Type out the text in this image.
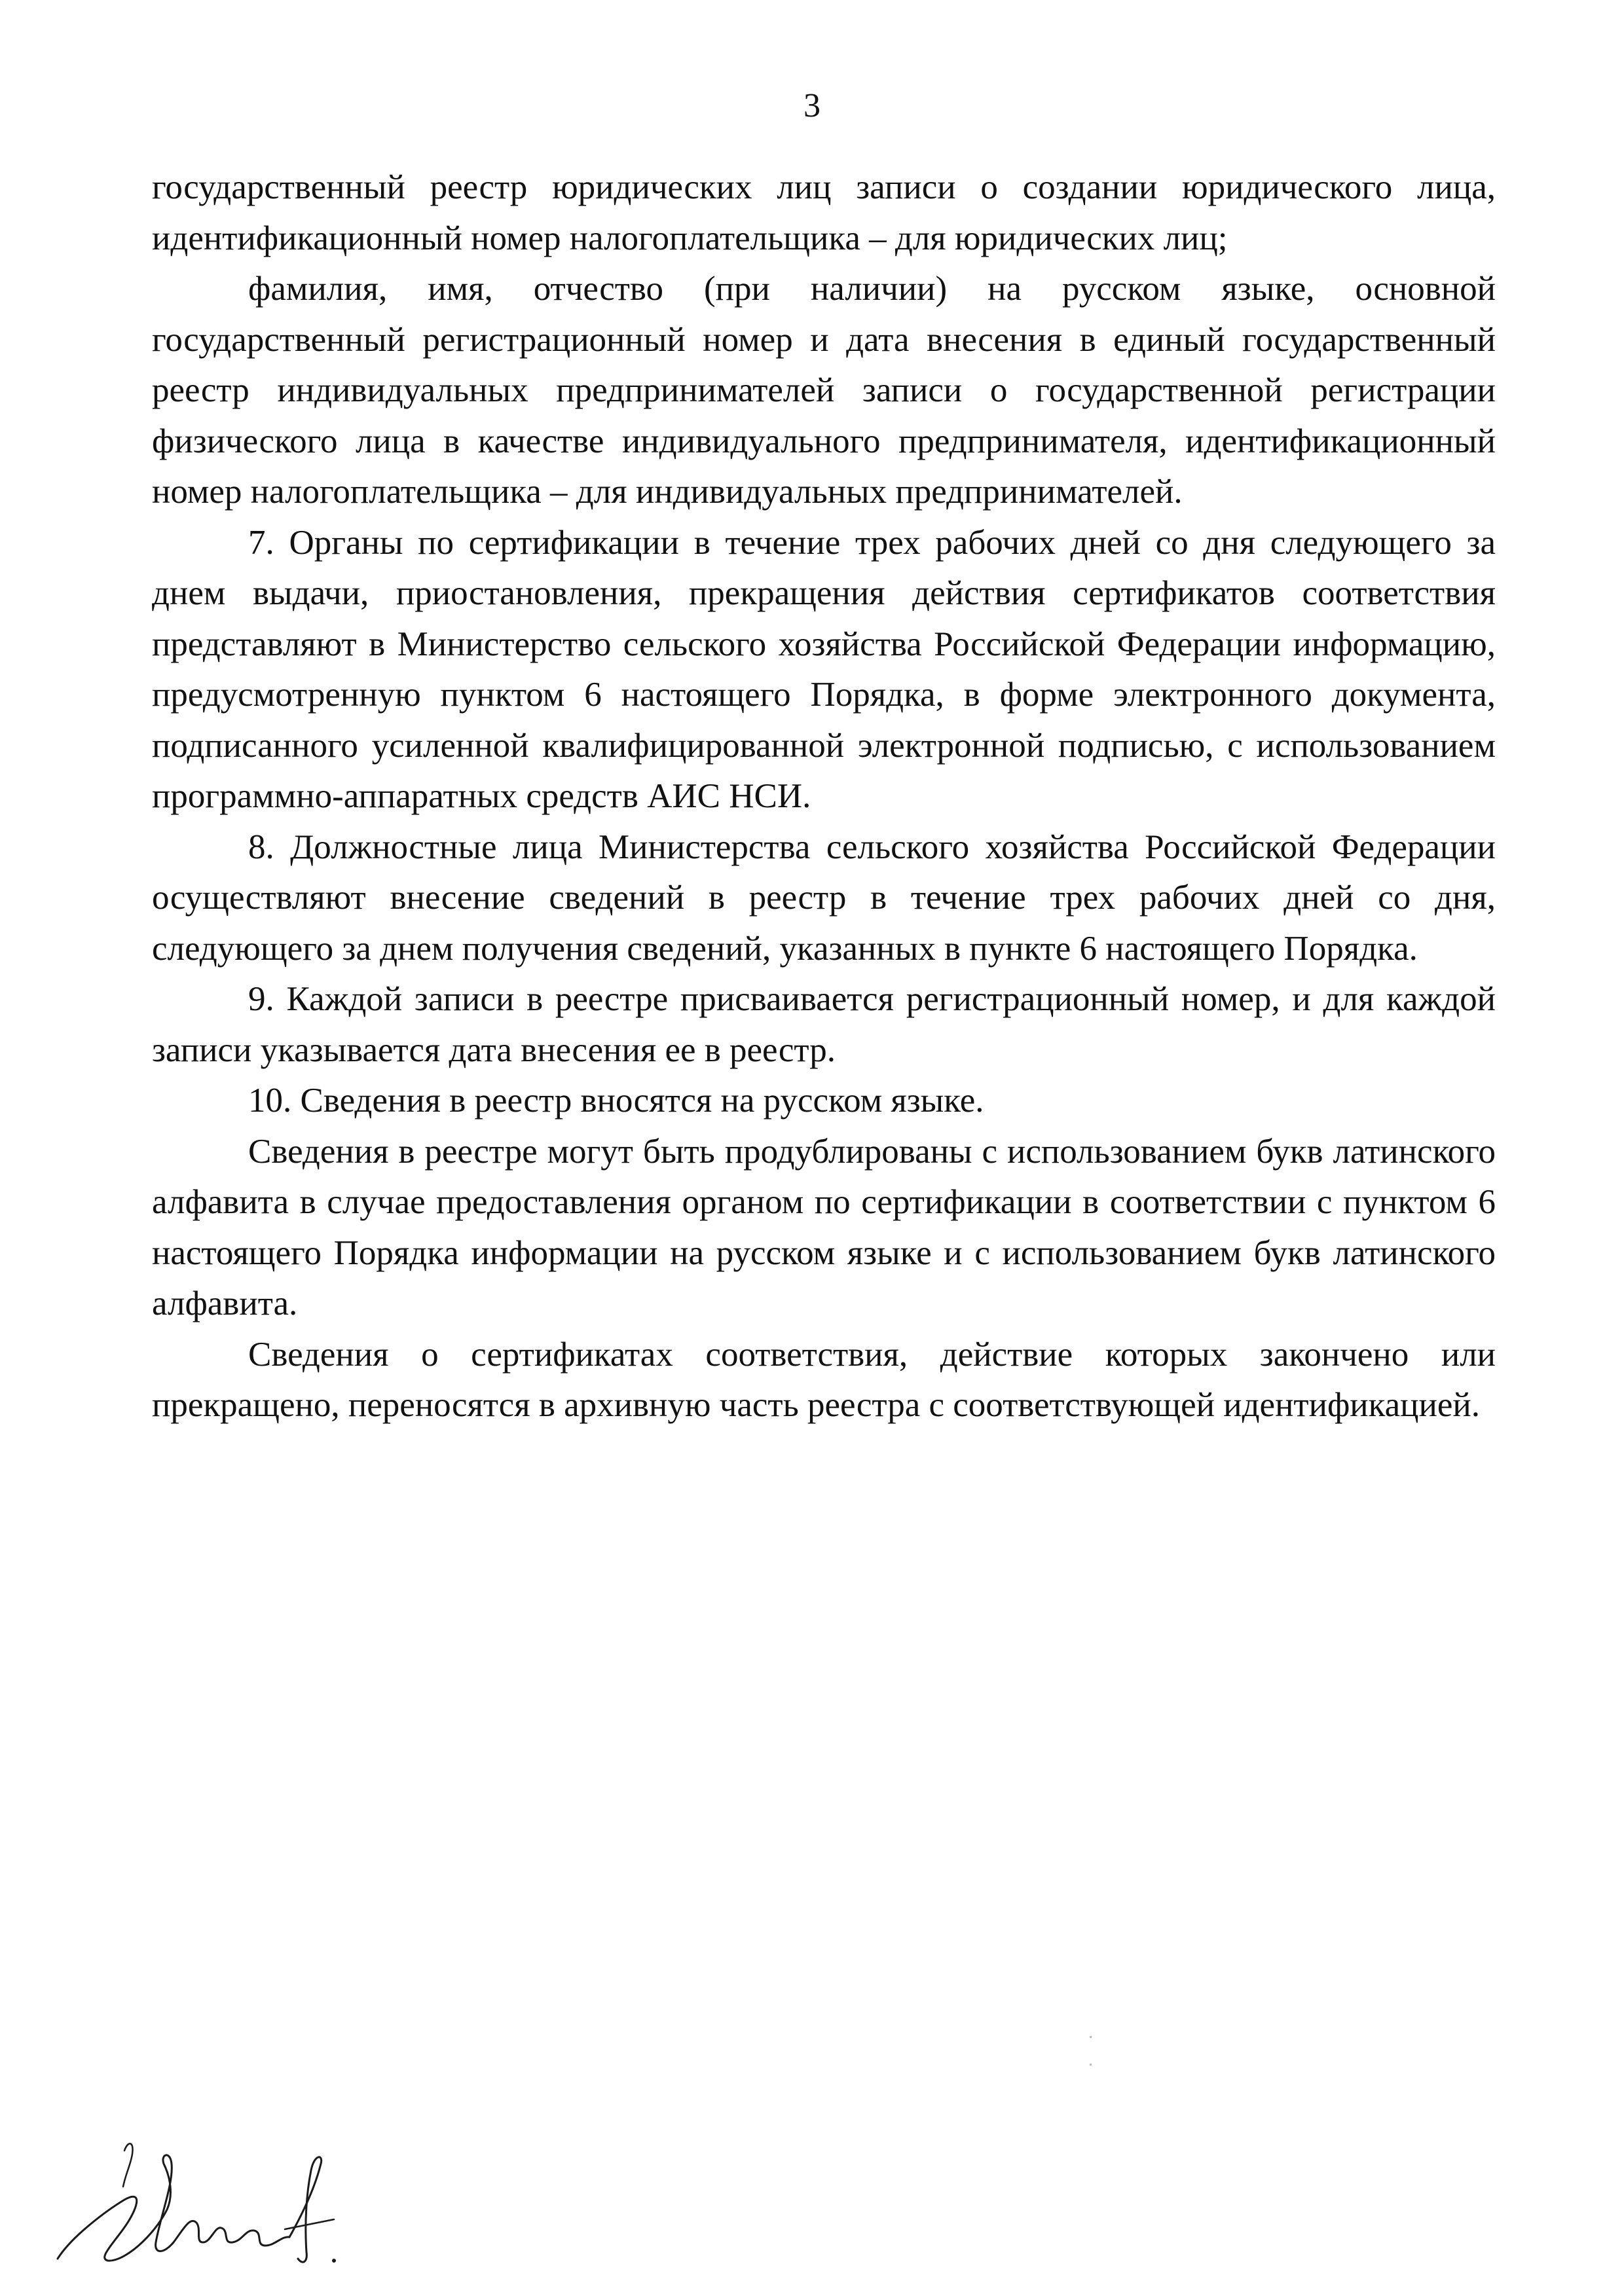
3

государственный реестр юридических лиц записи о создании юридического лица, идентификационный номер налогоплательщика – для юридических лиц;

фамилия, имя, отчество (при наличии) на русском языке, основной государственный регистрационный номер и дата внесения в единый государственный реестр индивидуальных предпринимателей записи о государственной регистрации физического лица в качестве индивидуального предпринимателя, идентификационный номер налогоплательщика – для индивидуальных предпринимателей.

7. Органы по сертификации в течение трех рабочих дней со дня следующего за днем выдачи, приостановления, прекращения действия сертификатов соответствия представляют в Министерство сельского хозяйства Российской Федерации информацию, предусмотренную пунктом 6 настоящего Порядка, в форме электронного документа, подписанного усиленной квалифицированной электронной подписью, с использованием программно-аппаратных средств АИС НСИ.

8. Должностные лица Министерства сельского хозяйства Российской Федерации осуществляют внесение сведений в реестр в течение трех рабочих дней со дня, следующего за днем получения сведений, указанных в пункте 6 настоящего Порядка.

9. Каждой записи в реестре присваивается регистрационный номер, и для каждой записи указывается дата внесения ее в реестр.

10. Сведения в реестр вносятся на русском языке.

Сведения в реестре могут быть продублированы с использованием букв латинского алфавита в случае предоставления органом по сертификации в соответствии с пунктом 6 настоящего Порядка информации на русском языке и с использованием букв латинского алфавита.

Сведения о сертификатах соответствия, действие которых закончено или прекращено, переносятся в архивную часть реестра с соответствующей идентификацией.
